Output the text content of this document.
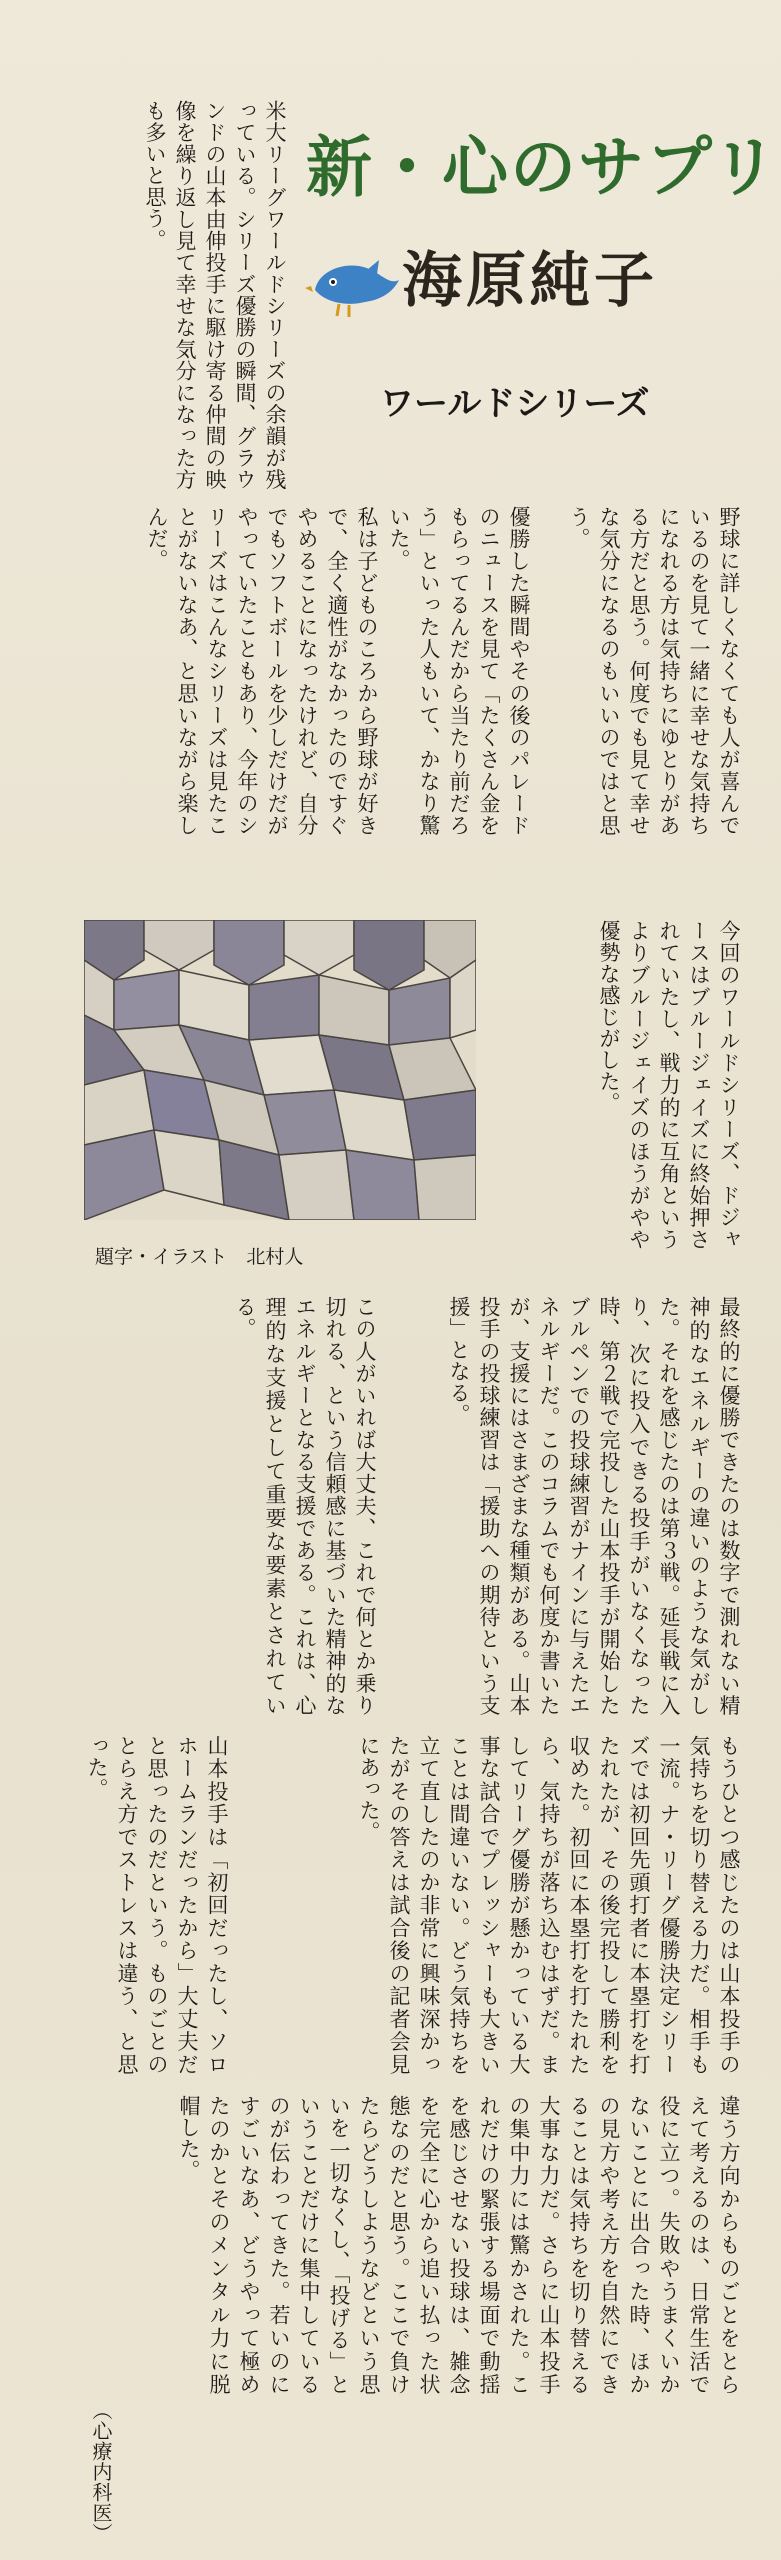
新・心のサプリ
海原純子
ワールドシリーズ
米大リーグワールドシリーズの余韻が残っている。シリーズ優勝の瞬間、グラウンドの山本由伸投手に駆け寄る仲間の映像を繰り返し見て幸せな気分になった方も多いと思う。
野球に詳しくなくても人が喜んでいるのを見て一緒に幸せな気持ちになれる方は気持ちにゆとりがある方だと思う。何度でも見て幸せな気分になるのもいいのではと思う。
優勝した瞬間やその後のパレードのニュースを見て「たくさん金をもらってるんだから当たり前だろう」といった人もいて、かなり驚いた。
私は子どものころから野球が好きで、全く適性がなかったのですぐやめることになったけれど、自分でもソフトボールを少しだけだがやっていたこともあり、今年のシリーズはこんなシリーズは見たことがないなあ、と思いながら楽しんだ。
今回のワールドシリーズ、ドジャースはブルージェイズに終始押されていたし、戦力的に互角というよりブルージェイズのほうがやや優勢な感じがした。
題字・イラスト　北村人
最終的に優勝できたのは数字で測れない精神的なエネルギーの違いのような気がした。それを感じたのは第３戦。延長戦に入り、次に投入できる投手がいなくなった時、第２戦で完投した山本投手が開始したブルペンでの投球練習がナインに与えたエネルギーだ。このコラムでも何度か書いたが、支援にはさまざまな種類がある。山本投手の投球練習は「援助への期待という支援」となる。
この人がいれば大丈夫、これで何とか乗り切れる、という信頼感に基づいた精神的なエネルギーとなる支援である。これは、心理的な支援として重要な要素とされている。
もうひとつ感じたのは山本投手の気持ちを切り替える力だ。相手も一流。ナ・リーグ優勝決定シリーズでは初回先頭打者に本塁打を打たれたが、その後完投して勝利を収めた。初回に本塁打を打たれたら、気持ちが落ち込むはずだ。ましてリーグ優勝が懸かっている大事な試合でプレッシャーも大きいことは間違いない。どう気持ちを立て直したのか非常に興味深かったがその答えは試合後の記者会見にあった。
山本投手は「初回だったし、ソロホームランだったから」大丈夫だと思ったのだという。ものごとのとらえ方でストレスは違う、と思った。
違う方向からものごとをとらえて考えるのは、日常生活で役に立つ。失敗やうまくいかないことに出合った時、ほかの見方や考え方を自然にできることは気持ちを切り替える大事な力だ。さらに山本投手の集中力には驚かされた。これだけの緊張する場面で動揺を感じさせない投球は、雑念を完全に心から追い払った状態なのだと思う。ここで負けたらどうしようなどという思いを一切なくし、「投げる」ということだけに集中しているのが伝わってきた。若いのにすごいなあ、どうやって極めたのかとそのメンタル力に脱帽した。
（心療内科医）
